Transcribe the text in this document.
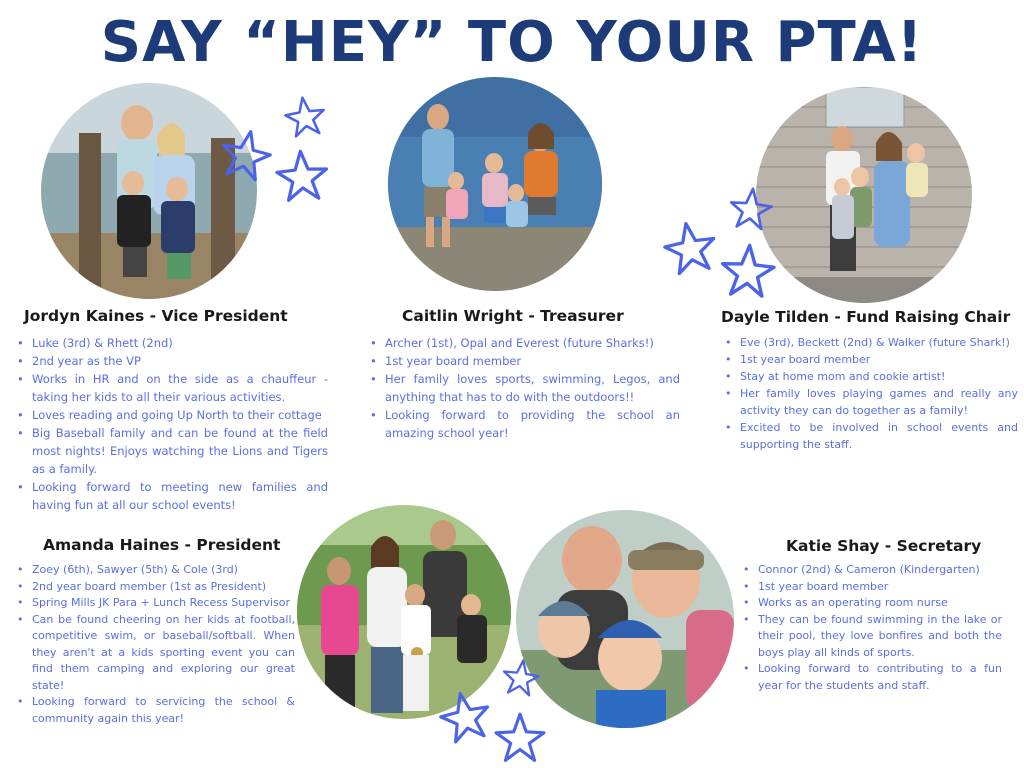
SAY “HEY” TO YOUR PTA!
Jordyn Kaines - Vice President	Caitlin Wright - Treasurer	Dayle Tilden - Fund Raising Chair
Amanda Haines - President	Katie Shay - Secretary
• Luke (3rd) & Rhett (2nd)
• 2nd year as the VP
• Works in HR and on the side as a chauffeur - taking her kids to all their various activities.
• Loves reading and going Up North to their cottage
• Big Baseball family and can be found at the field most nights! Enjoys watching the Lions and Tigers as a family.
• Looking forward to meeting new families and having fun at all our school events!
• Archer (1st), Opal and Everest (future Sharks!)
• 1st year board member
• Her family loves sports, swimming, Legos, and anything that has to do with the outdoors!!
• Looking forward to providing the school an amazing school year!
• Eve (3rd), Beckett (2nd) & Walker (future Shark!)
• 1st year board member
• Stay at home mom and cookie artist!
• Her family loves playing games and really any activity they can do together as a family!
• Excited to be involved in school events and supporting the staff.
• Zoey (6th), Sawyer (5th) & Cole (3rd)
• 2nd year board member (1st as President)
• Spring Mills JK Para + Lunch Recess Supervisor
• Can be found cheering on her kids at football, competitive swim, or baseball/softball. When they aren't at a kids sporting event you can find them camping and exploring our great state!
• Looking forward to servicing the school & community again this year!
• Connor (2nd) & Cameron (Kindergarten)
• 1st year board member
• Works as an operating room nurse
• They can be found swimming in the lake or their pool, they love bonfires and both the boys play all kinds of sports.
• Looking forward to contributing to a fun year for the students and staff.
